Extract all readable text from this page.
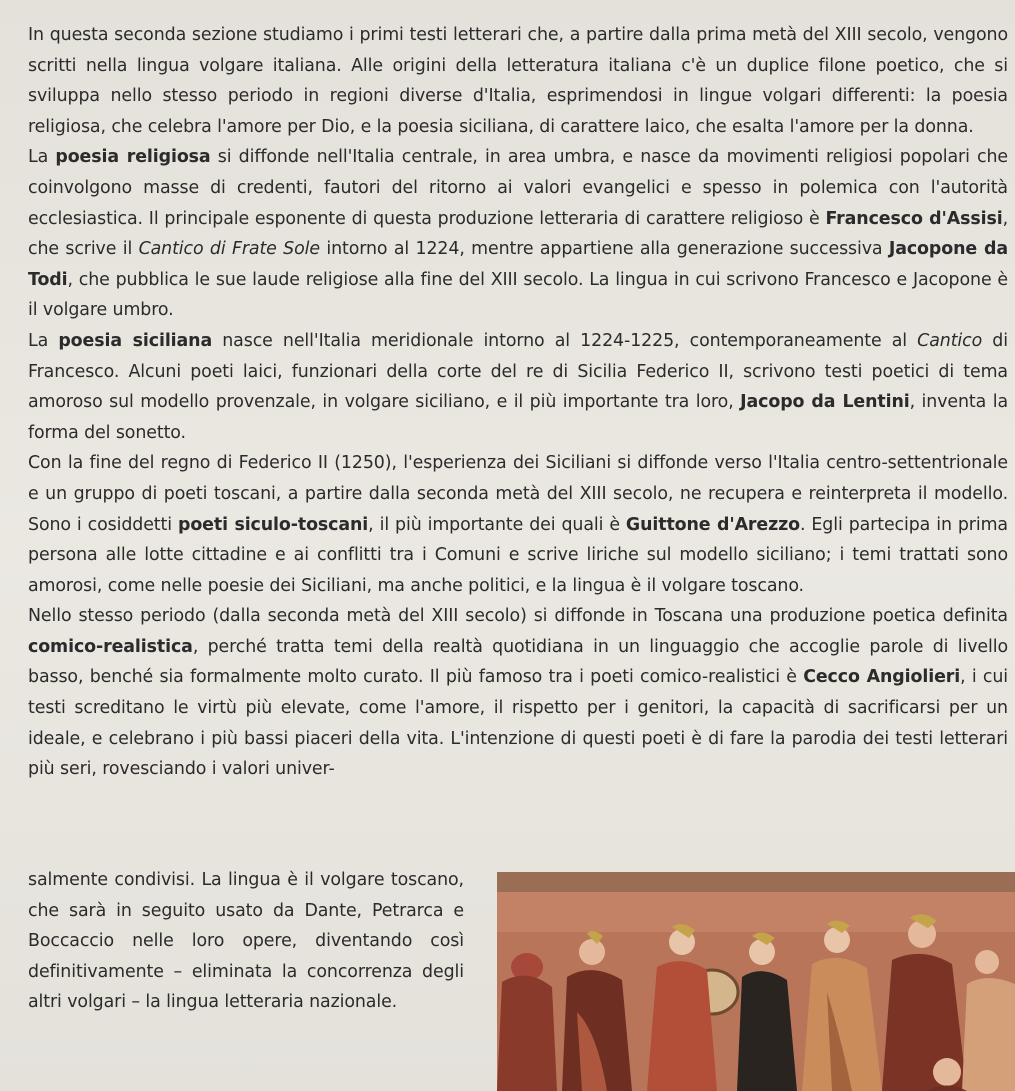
In questa seconda sezione studiamo i primi testi letterari che, a partire dalla prima metà del XIII secolo, vengono scritti nella lingua volgare italiana. Alle origini della letteratura italiana c'è un duplice filone poetico, che si sviluppa nello stesso periodo in regioni diverse d'Italia, esprimendosi in lingue volgari differenti: la poesia religiosa, che celebra l'amore per Dio, e la poesia siciliana, di carattere laico, che esalta l'amore per la donna.

La poesia religiosa si diffonde nell'Italia centrale, in area umbra, e nasce da movimenti religiosi popolari che coinvolgono masse di credenti, fautori del ritorno ai valori evangelici e spesso in polemica con l'autorità ecclesiastica. Il principale esponente di questa produzione letteraria di carattere religioso è Francesco d'Assisi, che scrive il Cantico di Frate Sole intorno al 1224, mentre appartiene alla generazione successiva Jacopone da Todi, che pubblica le sue laude religiose alla fine del XIII secolo. La lingua in cui scrivono Francesco e Jacopone è il volgare umbro.

La poesia siciliana nasce nell'Italia meridionale intorno al 1224-1225, contemporaneamente al Cantico di Francesco. Alcuni poeti laici, funzionari della corte del re di Sicilia Federico II, scrivono testi poetici di tema amoroso sul modello provenzale, in volgare siciliano, e il più importante tra loro, Jacopo da Lentini, inventa la forma del sonetto.

Con la fine del regno di Federico II (1250), l'esperienza dei Siciliani si diffonde verso l'Italia centro-settentrionale e un gruppo di poeti toscani, a partire dalla seconda metà del XIII secolo, ne recupera e reinterpreta il modello. Sono i cosiddetti poeti siculo-toscani, il più importante dei quali è Guittone d'Arezzo. Egli partecipa in prima persona alle lotte cittadine e ai conflitti tra i Comuni e scrive liriche sul modello siciliano; i temi trattati sono amorosi, come nelle poesie dei Siciliani, ma anche politici, e la lingua è il volgare toscano.

Nello stesso periodo (dalla seconda metà del XIII secolo) si diffonde in Toscana una produzione poetica definita comico-realistica, perché tratta temi della realtà quotidiana in un linguaggio che accoglie parole di livello basso, benché sia formalmente molto curato. Il più famoso tra i poeti comico-realistici è Cecco Angiolieri, i cui testi screditano le virtù più elevate, come l'amore, il rispetto per i genitori, la capacità di sacrificarsi per un ideale, e celebrano i più bassi piaceri della vita. L'intenzione di questi poeti è di fare la parodia dei testi letterari più seri, rovesciando i valori univer-

salmente condivisi. La lingua è il volgare toscano, che sarà in seguito usato da Dante, Petrarca e Boccaccio nelle loro opere, diventando così definitivamente – eliminata la concorrenza degli altri volgari – la lingua letteraria nazionale.
